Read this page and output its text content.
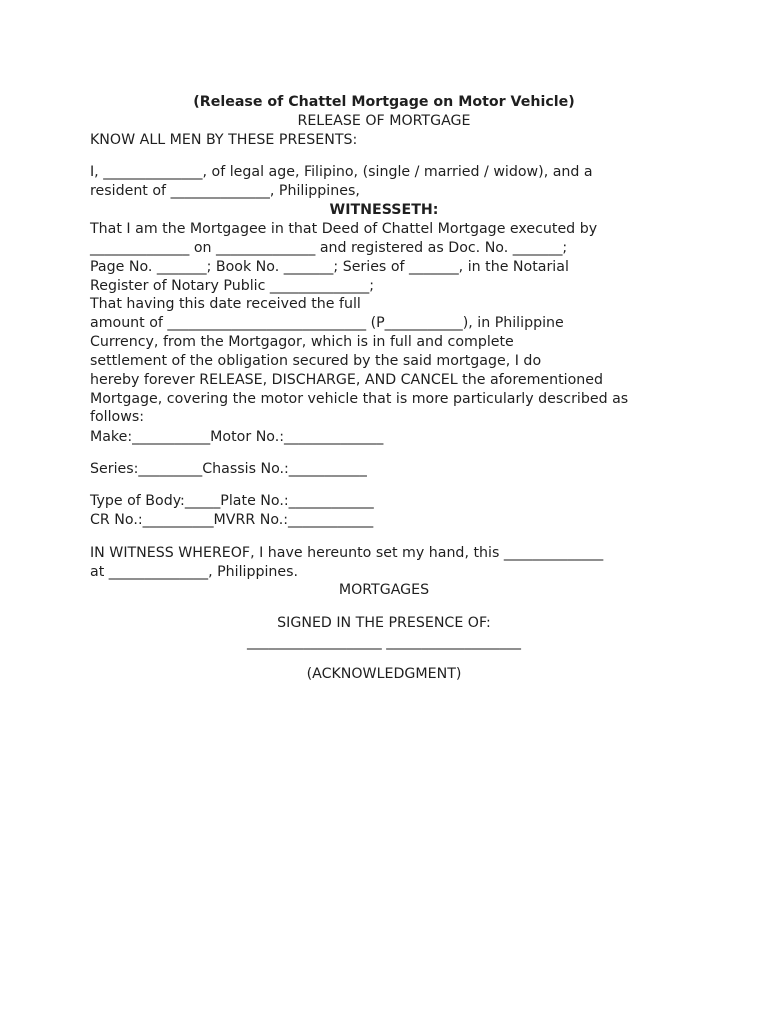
(Release of Chattel Mortgage on Motor Vehicle)
RELEASE OF MORTGAGE
KNOW ALL MEN BY THESE PRESENTS:
I, ______________, of legal age, Filipino, (single / married / widow), and a
resident of ______________, Philippines,
WITNESSETH:
That I am the Mortgagee in that Deed of Chattel Mortgage executed by
______________ on ______________ and registered as Doc. No. _______;
Page No. _______; Book No. _______; Series of _______, in the Notarial
Register of Notary Public ______________;
That having this date received the full
amount of ____________________________ (P___________), in Philippine
Currency, from the Mortgagor, which is in full and complete
settlement of the obligation secured by the said mortgage, I do
hereby forever RELEASE, DISCHARGE, AND CANCEL the aforementioned
Mortgage, covering the motor vehicle that is more particularly described as
follows:
Make:___________Motor No.:______________
Series:_________Chassis No.:___________
Type of Body:_____Plate No.:____________
CR No.:__________MVRR No.:____________
IN WITNESS WHEREOF, I have hereunto set my hand, this ______________
at ______________, Philippines.
MORTGAGES
SIGNED IN THE PRESENCE OF:
___________________ ___________________
(ACKNOWLEDGMENT)
